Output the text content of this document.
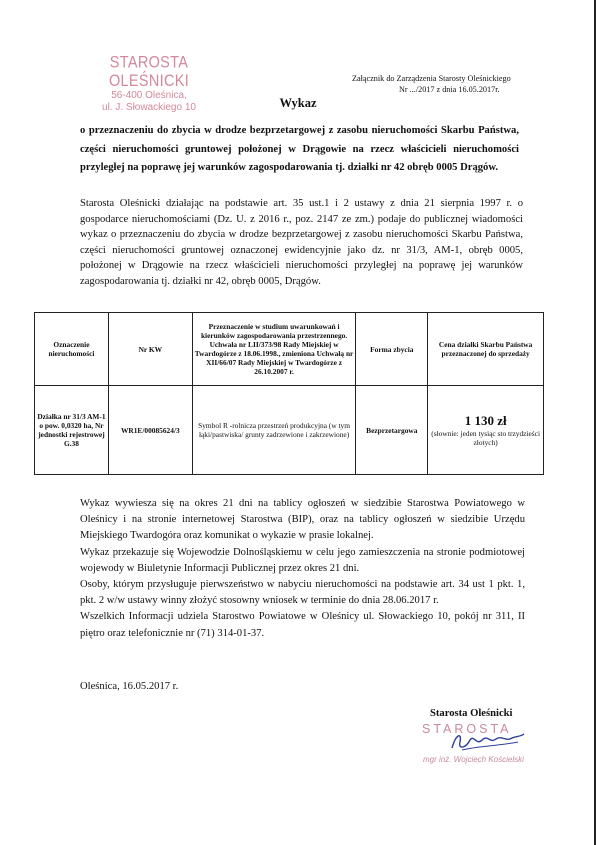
STAROSTA OLEŚNICKI
56-400 Oleśnica,
ul. J. Słowackiego 10
Załącznik do Zarządzenia Starosty Oleśnickiego
Nr .../2017 z dnia 16.05.2017r.
Wykaz
o przeznaczeniu do zbycia w drodze bezprzetargowej z zasobu nieruchomości Skarbu Państwa, części nieruchomości gruntowej położonej w Drągowie na rzecz właścicieli nieruchomości przyległej na poprawę jej warunków zagospodarowania tj. działki nr 42 obręb 0005 Drągów.
Starosta Oleśnicki działając na podstawie art. 35 ust.1 i 2 ustawy z dnia 21 sierpnia 1997 r. o gospodarce nieruchomościami (Dz. U. z 2016 r., poz. 2147 ze zm.) podaje do publicznej wiadomości wykaz o przeznaczeniu do zbycia w drodze bezprzetargowej z zasobu nieruchomości Skarbu Państwa, części nieruchomości gruntowej oznaczonej ewidencyjnie jako dz. nr 31/3, AM-1, obręb 0005, położonej w Drągowie na rzecz właścicieli nieruchomości przyległej na poprawę jej warunków zagospodarowania tj. działki nr 42, obręb 0005, Drągów.
Oznaczenie nieruchomości	Nr KW	Przeznaczenie w studium uwarunkowań i kierunków zagospodarowania przestrzennego. Uchwała nr LII/373/98 Rady Miejskiej w Twardogórze z 18.06.1998., zmieniona Uchwałą nr XII/66/07 Rady Miejskiej w Twardogórze z 26.10.2007 r.	Forma zbycia	Cena działki Skarbu Państwa przeznaczonej do sprzedaży
Działka nr 31/3 AM-1 o pow. 0,0320 ha, Nr jednostki rejestrowej G.38	WR1E/00085624/3	Symbol R -rolnicza przestrzeń produkcyjna (w tym łąki/pastwiska/ grunty zadrzewione i zakrzewione)	Bezprzetargowa	1 130 zł
(słownie: jeden tysiąc sto trzydzieści złotych)
Wykaz wywiesza się na okres 21 dni na tablicy ogłoszeń w siedzibie Starostwa Powiatowego w Oleśnicy i na stronie internetowej Starostwa (BIP), oraz na tablicy ogłoszeń w siedzibie Urzędu Miejskiego Twardogóra oraz komunikat o wykazie w prasie lokalnej.
Wykaz przekazuje się Wojewodzie Dolnośląskiemu w celu jego zamieszczenia na stronie podmiotowej wojewody w Biuletynie Informacji Publicznej przez okres 21 dni.
Osoby, którym przysługuje pierwszeństwo w nabyciu nieruchomości na podstawie art. 34 ust 1 pkt. 1, pkt. 2 w/w ustawy winny złożyć stosowny wniosek w terminie do dnia 28.06.2017 r.
Wszelkich Informacji udziela Starostwo Powiatowe w Oleśnicy ul. Słowackiego 10, pokój nr 311, II piętro oraz telefonicznie nr (71) 314-01-37.
Oleśnica, 16.05.2017 r.
Starosta Oleśnicki
STAROSTA
mgr inż. Wojciech Kościelski
